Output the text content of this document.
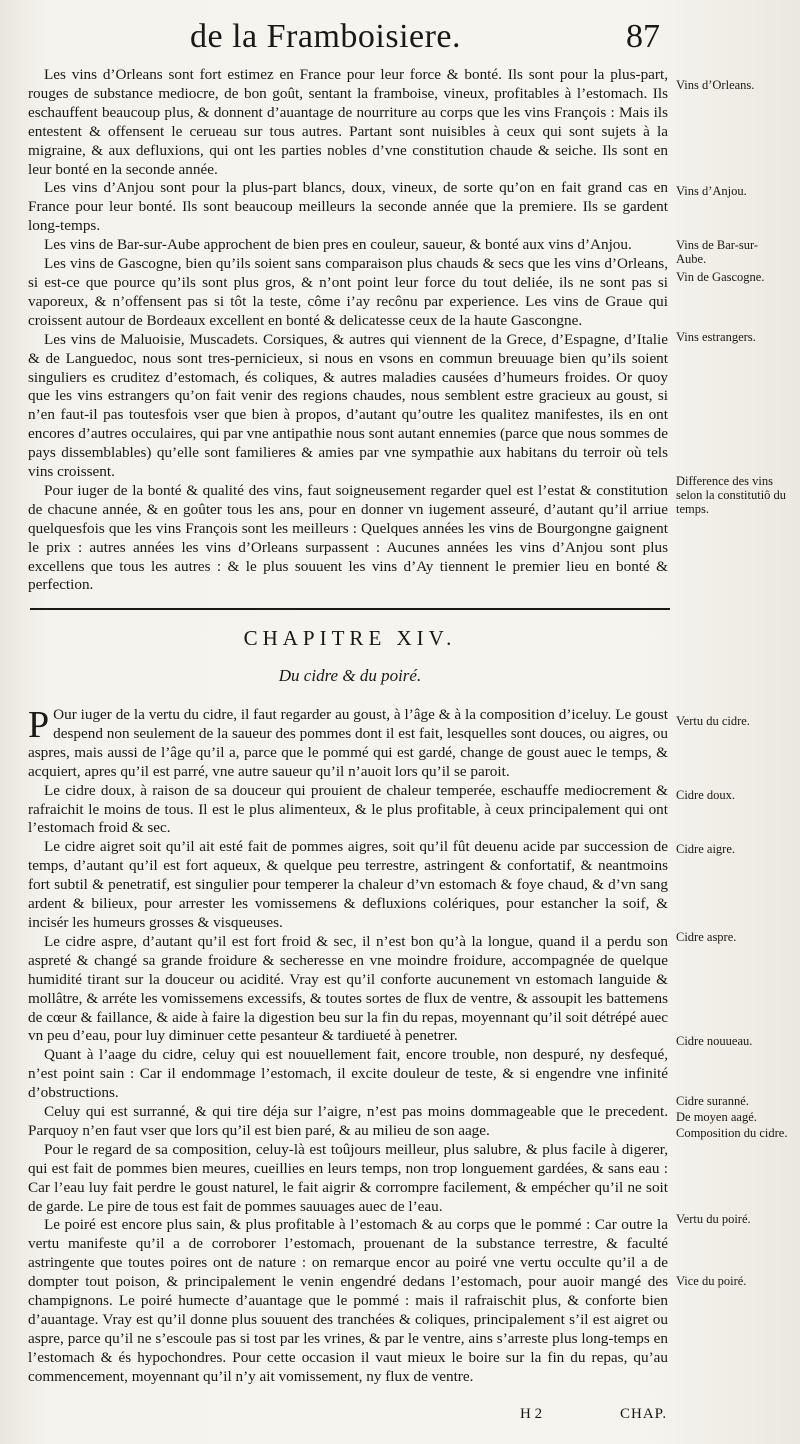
de la Framboisiere.	87

Les vins d’Orleans sont fort estimez en France pour leur force & bonté. Ils sont pour la plus-part, rouges de substance mediocre, de bon goût, sentant la framboise, vineux, profitables à l’estomach. Ils eschauffent beaucoup plus, & donnent d’auantage de nourriture au corps que les vins François : Mais ils entestent & offensent le cerueau sur tous autres. Partant sont nuisibles à ceux qui sont sujets à la migraine, & aux defluxions, qui ont les parties nobles d’vne constitution chaude & seiche. Ils sont en leur bonté en la seconde année.

Les vins d’Anjou sont pour la plus-part blancs, doux, vineux, de sorte qu’on en fait grand cas en France pour leur bonté. Ils sont beaucoup meilleurs la seconde année que la premiere. Ils se gardent long-temps.

Les vins de Bar-sur-Aube approchent de bien pres en couleur, saueur, & bonté aux vins d’Anjou.

Les vins de Gascogne, bien qu’ils soient sans comparaison plus chauds & secs que les vins d’Orleans, si est-ce que pource qu’ils sont plus gros, & n’ont point leur force du tout deliée, ils ne sont pas si vaporeux, & n’offensent pas si tôt la teste, côme i’ay recônu par experience. Les vins de Graue qui croissent autour de Bordeaux excellent en bonté & delicatesse ceux de la haute Gascongne.

Les vins de Maluoisie, Muscadets. Corsiques, & autres qui viennent de la Grece, d’Espagne, d’Italie & de Languedoc, nous sont tres-pernicieux, si nous en vsons en commun breuuage bien qu’ils soient singuliers es cruditez d’estomach, és coliques, & autres maladies causées d’humeurs froides. Or quoy que les vins estrangers qu’on fait venir des regions chaudes, nous semblent estre gracieux au goust, si n’en faut-il pas toutesfois vser que bien à propos, d’autant qu’outre les qualitez manifestes, ils en ont encores d’autres occulaires, qui par vne antipathie nous sont autant ennemies (parce que nous sommes de pays dissemblables) qu’elle sont familieres & amies par vne sympathie aux habitans du terroir où tels vins croissent.

Pour iuger de la bonté & qualité des vins, faut soigneusement regarder quel est l’estat & constitution de chacune année, & en goûter tous les ans, pour en donner vn iugement asseuré, d’autant qu’il arriue quelquesfois que les vins François sont les meilleurs : Quelques années les vins de Bourgongne gaignent le prix : autres années les vins d’Orleans surpassent : Aucunes années les vins d’Anjou sont plus excellens que tous les autres : & le plus souuent les vins d’Ay tiennent le premier lieu en bonté & perfection.

CHAPITRE XIV.
Du cidre & du poiré.

P Our iuger de la vertu du cidre, il faut regarder au goust, à l’âge & à la composition d’iceluy. Le goust despend non seulement de la saueur des pommes dont il est fait, lesquelles sont douces, ou aigres, ou aspres, mais aussi de l’âge qu’il a, parce que le pommé qui est gardé, change de goust auec le temps, & acquiert, apres qu’il est parré, vne autre saueur qu’il n’auoit lors qu’il se paroit.

Le cidre doux, à raison de sa douceur qui prouient de chaleur temperée, eschauffe mediocrement & rafraichit le moins de tous. Il est le plus alimenteux, & le plus profitable, à ceux principalement qui ont l’estomach froid & sec.

Le cidre aigret soit qu’il ait esté fait de pommes aigres, soit qu’il fût deuenu acide par succession de temps, d’autant qu’il est fort aqueux, & quelque peu terrestre, astringent & confortatif, & neantmoins fort subtil & penetratif, est singulier pour temperer la chaleur d’vn estomach & foye chaud, & d’vn sang ardent & bilieux, pour arrester les vomissemens & defluxions colériques, pour estancher la soif, & incisér les humeurs grosses & visqueuses.

Le cidre aspre, d’autant qu’il est fort froid & sec, il n’est bon qu’à la longue, quand il a perdu son aspreté & changé sa grande froidure & secheresse en vne moindre froidure, accompagnée de quelque humidité tirant sur la douceur ou acidité. Vray est qu’il conforte aucunement vn estomach languide & mollâtre, & arréte les vomissemens excessifs, & toutes sortes de flux de ventre, & assoupit les battemens de cœur & faillance, & aide à faire la digestion beu sur la fin du repas, moyennant qu’il soit détrépé auec vn peu d’eau, pour luy diminuer cette pesanteur & tardiueté à penetrer.

Quant à l’aage du cidre, celuy qui est nouuellement fait, encore trouble, non despuré, ny desfequé, n’est point sain : Car il endommage l’estomach, il excite douleur de teste, & si engendre vne infinité d’obstructions.

Celuy qui est surranné, & qui tire déja sur l’aigre, n’est pas moins dommageable que le precedent. Parquoy n’en faut vser que lors qu’il est bien paré, & au milieu de son aage.

Pour le regard de sa composition, celuy-là est toûjours meilleur, plus salubre, & plus facile à digerer, qui est fait de pommes bien meures, cueillies en leurs temps, non trop longuement gardées, & sans eau : Car l’eau luy fait perdre le goust naturel, le fait aigrir & corrompre facilement, & empécher qu’il ne soit de garde. Le pire de tous est fait de pommes sauuages auec de l’eau.

Le poiré est encore plus sain, & plus profitable à l’estomach & au corps que le pommé : Car outre la vertu manifeste qu’il a de corroborer l’estomach, prouenant de la substance terrestre, & faculté astringente que toutes poires ont de nature : on remarque encor au poiré vne vertu occulte qu’il a de dompter tout poison, & principalement le venin engendré dedans l’estomach, pour auoir mangé des champignons. Le poiré humecte d’auantage que le pommé : mais il rafraischit plus, & conforte bien d’auantage. Vray est qu’il donne plus souuent des tranchées & coliques, principalement s’il est aigret ou aspre, parce qu’il ne s’escoule pas si tost par les vrines, & par le ventre, ains s’arreste plus long-temps en l’estomach & és hypochondres. Pour cette occasion il vaut mieux le boire sur la fin du repas, qu’au commencement, moyennant qu’il n’y ait vomissement, ny flux de ventre.

Vins d’Orleans.
Vins d’Anjou.
Vins de Bar-sur-Aube.
Vin de Gascogne.
Vins estrangers.
Difference des vins selon la constitutiô du temps.
Vertu du cidre.
Cidre doux.
Cidre aigre.
Cidre aspre.
Cidre nouueau.
Cidre suranné.
De moyen aagé.
Composition du cidre.
Vertu du poiré.
Vice du poiré.
H 2	CHAP.
